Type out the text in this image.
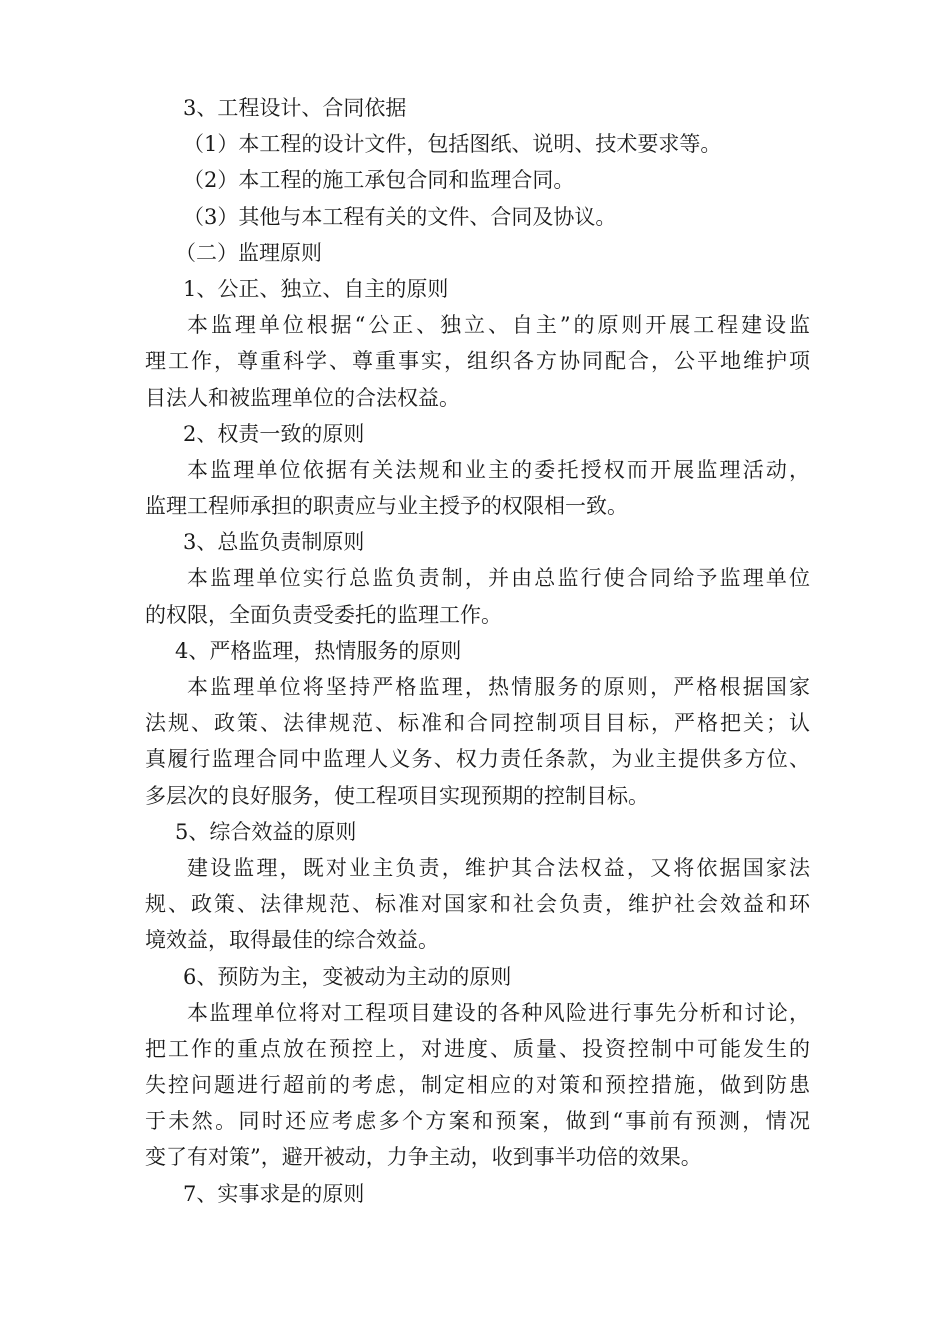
3、工程设计、合同依据
（1）本工程的设计文件，包括图纸、说明、技术要求等。
（2）本工程的施工承包合同和监理合同。
（3）其他与本工程有关的文件、合同及协议。
（二）监理原则
1、公正、独立、自主的原则
本监理单位根据“公正、独立、自主”的原则开展工程建设监
理工作，尊重科学、尊重事实，组织各方协同配合，公平地维护项
目法人和被监理单位的合法权益。
2、权责一致的原则
本监理单位依据有关法规和业主的委托授权而开展监理活动，
监理工程师承担的职责应与业主授予的权限相一致。
3、总监负责制原则
本监理单位实行总监负责制，并由总监行使合同给予监理单位
的权限，全面负责受委托的监理工作。
4、严格监理，热情服务的原则
本监理单位将坚持严格监理，热情服务的原则，严格根据国家
法规、政策、法律规范、标准和合同控制项目目标，严格把关；认
真履行监理合同中监理人义务、权力责任条款，为业主提供多方位、
多层次的良好服务，使工程项目实现预期的控制目标。
5、综合效益的原则
建设监理，既对业主负责，维护其合法权益，又将依据国家法
规、政策、法律规范、标准对国家和社会负责，维护社会效益和环
境效益，取得最佳的综合效益。
6、预防为主，变被动为主动的原则
本监理单位将对工程项目建设的各种风险进行事先分析和讨论，
把工作的重点放在预控上，对进度、质量、投资控制中可能发生的
失控问题进行超前的考虑，制定相应的对策和预控措施，做到防患
于未然。同时还应考虑多个方案和预案，做到“事前有预测，情况
变了有对策”，避开被动，力争主动，收到事半功倍的效果。
7、实事求是的原则
